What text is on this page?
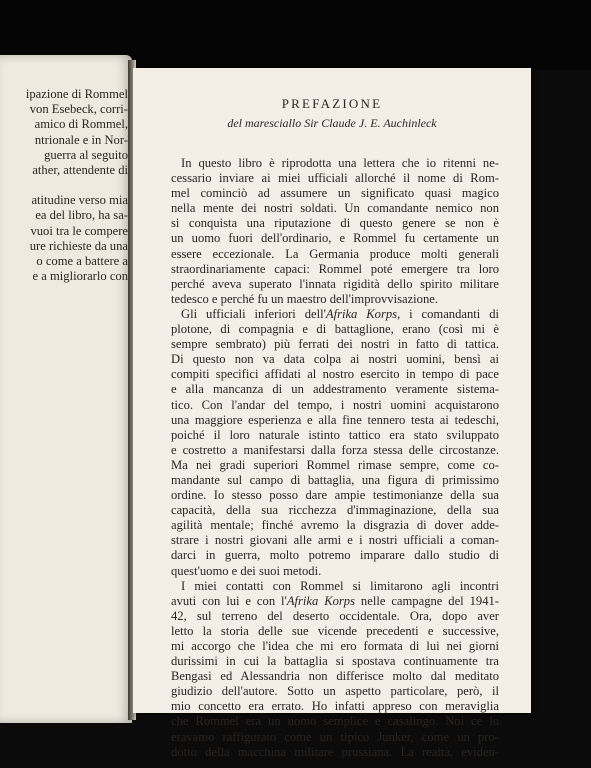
ipazione di Rommel
von Esebeck, corri-
amico di Rommel,
ntrionale e in Nor-
guerra al seguito
ather, attendente di
atitudine verso mia
ea del libro, ha sa-
vuoi tra le compere
ure richieste da una
o come a battere a
e a migliorarlo con
PREFAZIONE
del maresciallo Sir Claude J. E. Auchinleck
In questo libro è riprodotta una lettera che io ritenni ne-
cessario inviare ai miei ufficiali allorché il nome di Rom-
mel cominciò ad assumere un significato quasi magico
nella mente dei nostri soldati. Un comandante nemico non
si conquista una riputazione di questo genere se non è
un uomo fuori dell'ordinario, e Rommel fu certamente un
essere eccezionale. La Germania produce molti generali
straordinariamente capaci: Rommel poté emergere tra loro
perché aveva superato l'innata rigidità dello spirito militare
tedesco e perché fu un maestro dell'improvvisazione.
Gli ufficiali inferiori dell'Afrika Korps, i comandanti di
plotone, di compagnia e di battaglione, erano (così mi è
sempre sembrato) più ferrati dei nostri in fatto di tattica.
Di questo non va data colpa ai nostri uomini, bensì ai
compiti specifici affidati al nostro esercito in tempo di pace
e alla mancanza di un addestramento veramente sistema-
tico. Con l'andar del tempo, i nostri uomini acquistarono
una maggiore esperienza e alla fine tennero testa ai tedeschi,
poiché il loro naturale istinto tattico era stato sviluppato
e costretto a manifestarsi dalla forza stessa delle circostanze.
Ma nei gradi superiori Rommel rimase sempre, come co-
mandante sul campo di battaglia, una figura di primissimo
ordine. Io stesso posso dare ampie testimonianze della sua
capacità, della sua ricchezza d'immaginazione, della sua
agilità mentale; finché avremo la disgrazia di dover adde-
strare i nostri giovani alle armi e i nostri ufficiali a coman-
darci in guerra, molto potremo imparare dallo studio di
quest'uomo e dei suoi metodi.
I miei contatti con Rommel si limitarono agli incontri
avuti con lui e con l'Afrika Korps nelle campagne del 1941-
42, sul terreno del deserto occidentale. Ora, dopo aver
letto la storia delle sue vicende precedenti e successive,
mi accorgo che l'idea che mi ero formata di lui nei giorni
durissimi in cui la battaglia si spostava continuamente tra
Bengasi ed Alessandria non differisce molto dal meditato
giudizio dell'autore. Sotto un aspetto particolare, però, il
mio concetto era errato. Ho infatti appreso con meraviglia
che Rommel era un uomo semplice e casalingo. Noi ce lo
eravamo raffigurato come un tipico Junker, come un pro-
dotto della macchina militare prussiana. La realtà, eviden-
